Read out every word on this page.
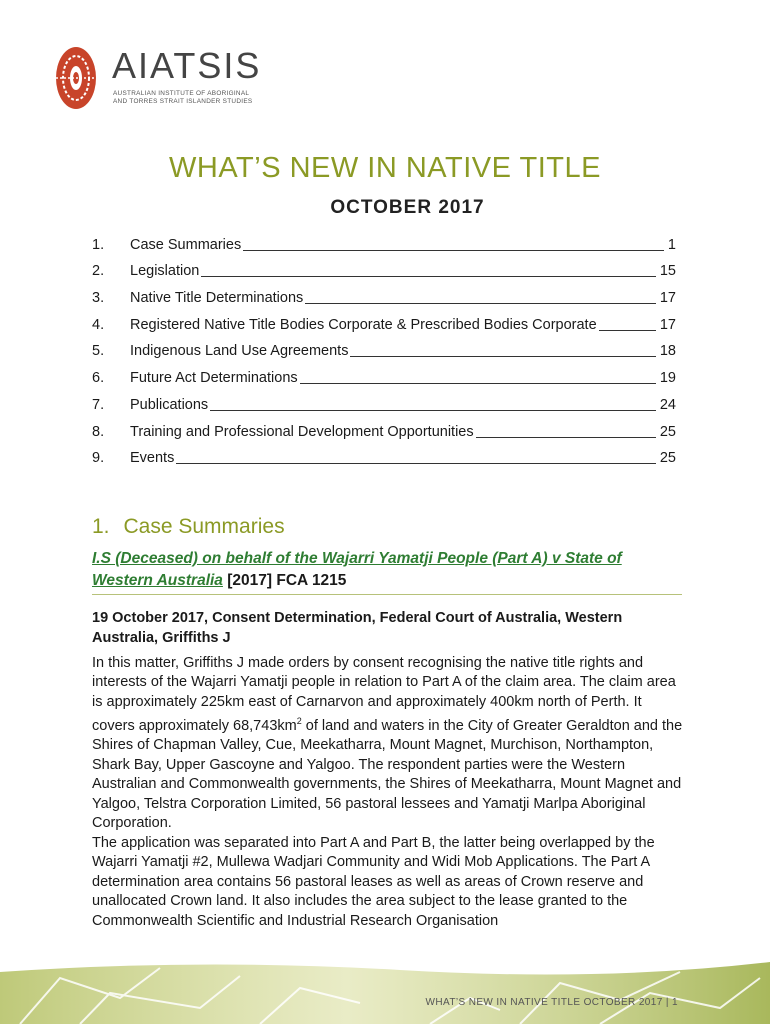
AIATSIS
AUSTRALIAN INSTITUTE OF ABORIGINAL
AND TORRES STRAIT ISLANDER STUDIES
WHAT’S NEW IN NATIVE TITLE
OCTOBER 2017
1.	Case Summaries	1
2.	Legislation	15
3.	Native Title Determinations	17
4.	Registered Native Title Bodies Corporate & Prescribed Bodies Corporate	17
5.	Indigenous Land Use Agreements	18
6.	Future Act Determinations	19
7.	Publications	24
8.	Training and Professional Development Opportunities	25
9.	Events	25
1. Case Summaries
I.S (Deceased) on behalf of the Wajarri Yamatji People (Part A) v State of Western Australia [2017] FCA 1215
19 October 2017, Consent Determination, Federal Court of Australia, Western Australia, Griffiths J

In this matter, Griffiths J made orders by consent recognising the native title rights and interests of the Wajarri Yamatji people in relation to Part A of the claim area. The claim area is approximately 225km east of Carnarvon and approximately 400km north of Perth. It covers approximately $68,743km^2$ of land and waters in the City of Greater Geraldton and the Shires of Chapman Valley, Cue, Meekatharra, Mount Magnet, Murchison, Northampton, Shark Bay, Upper Gascoyne and Yalgoo. The respondent parties were the Western Australian and Commonwealth governments, the Shires of Meekatharra, Mount Magnet and Yalgoo, Telstra Corporation Limited, 56 pastoral lessees and Yamatji Marlpa Aboriginal Corporation.

The application was separated into Part A and Part B, the latter being overlapped by the Wajarri Yamatji #2, Mullewa Wadjari Community and Widi Mob Applications. The Part A determination area contains 56 pastoral leases as well as areas of Crown reserve and unallocated Crown land. It also includes the area subject to the lease granted to the Commonwealth Scientific and Industrial Research Organisation

WHAT’S NEW IN NATIVE TITLE OCTOBER 2017 | 1
